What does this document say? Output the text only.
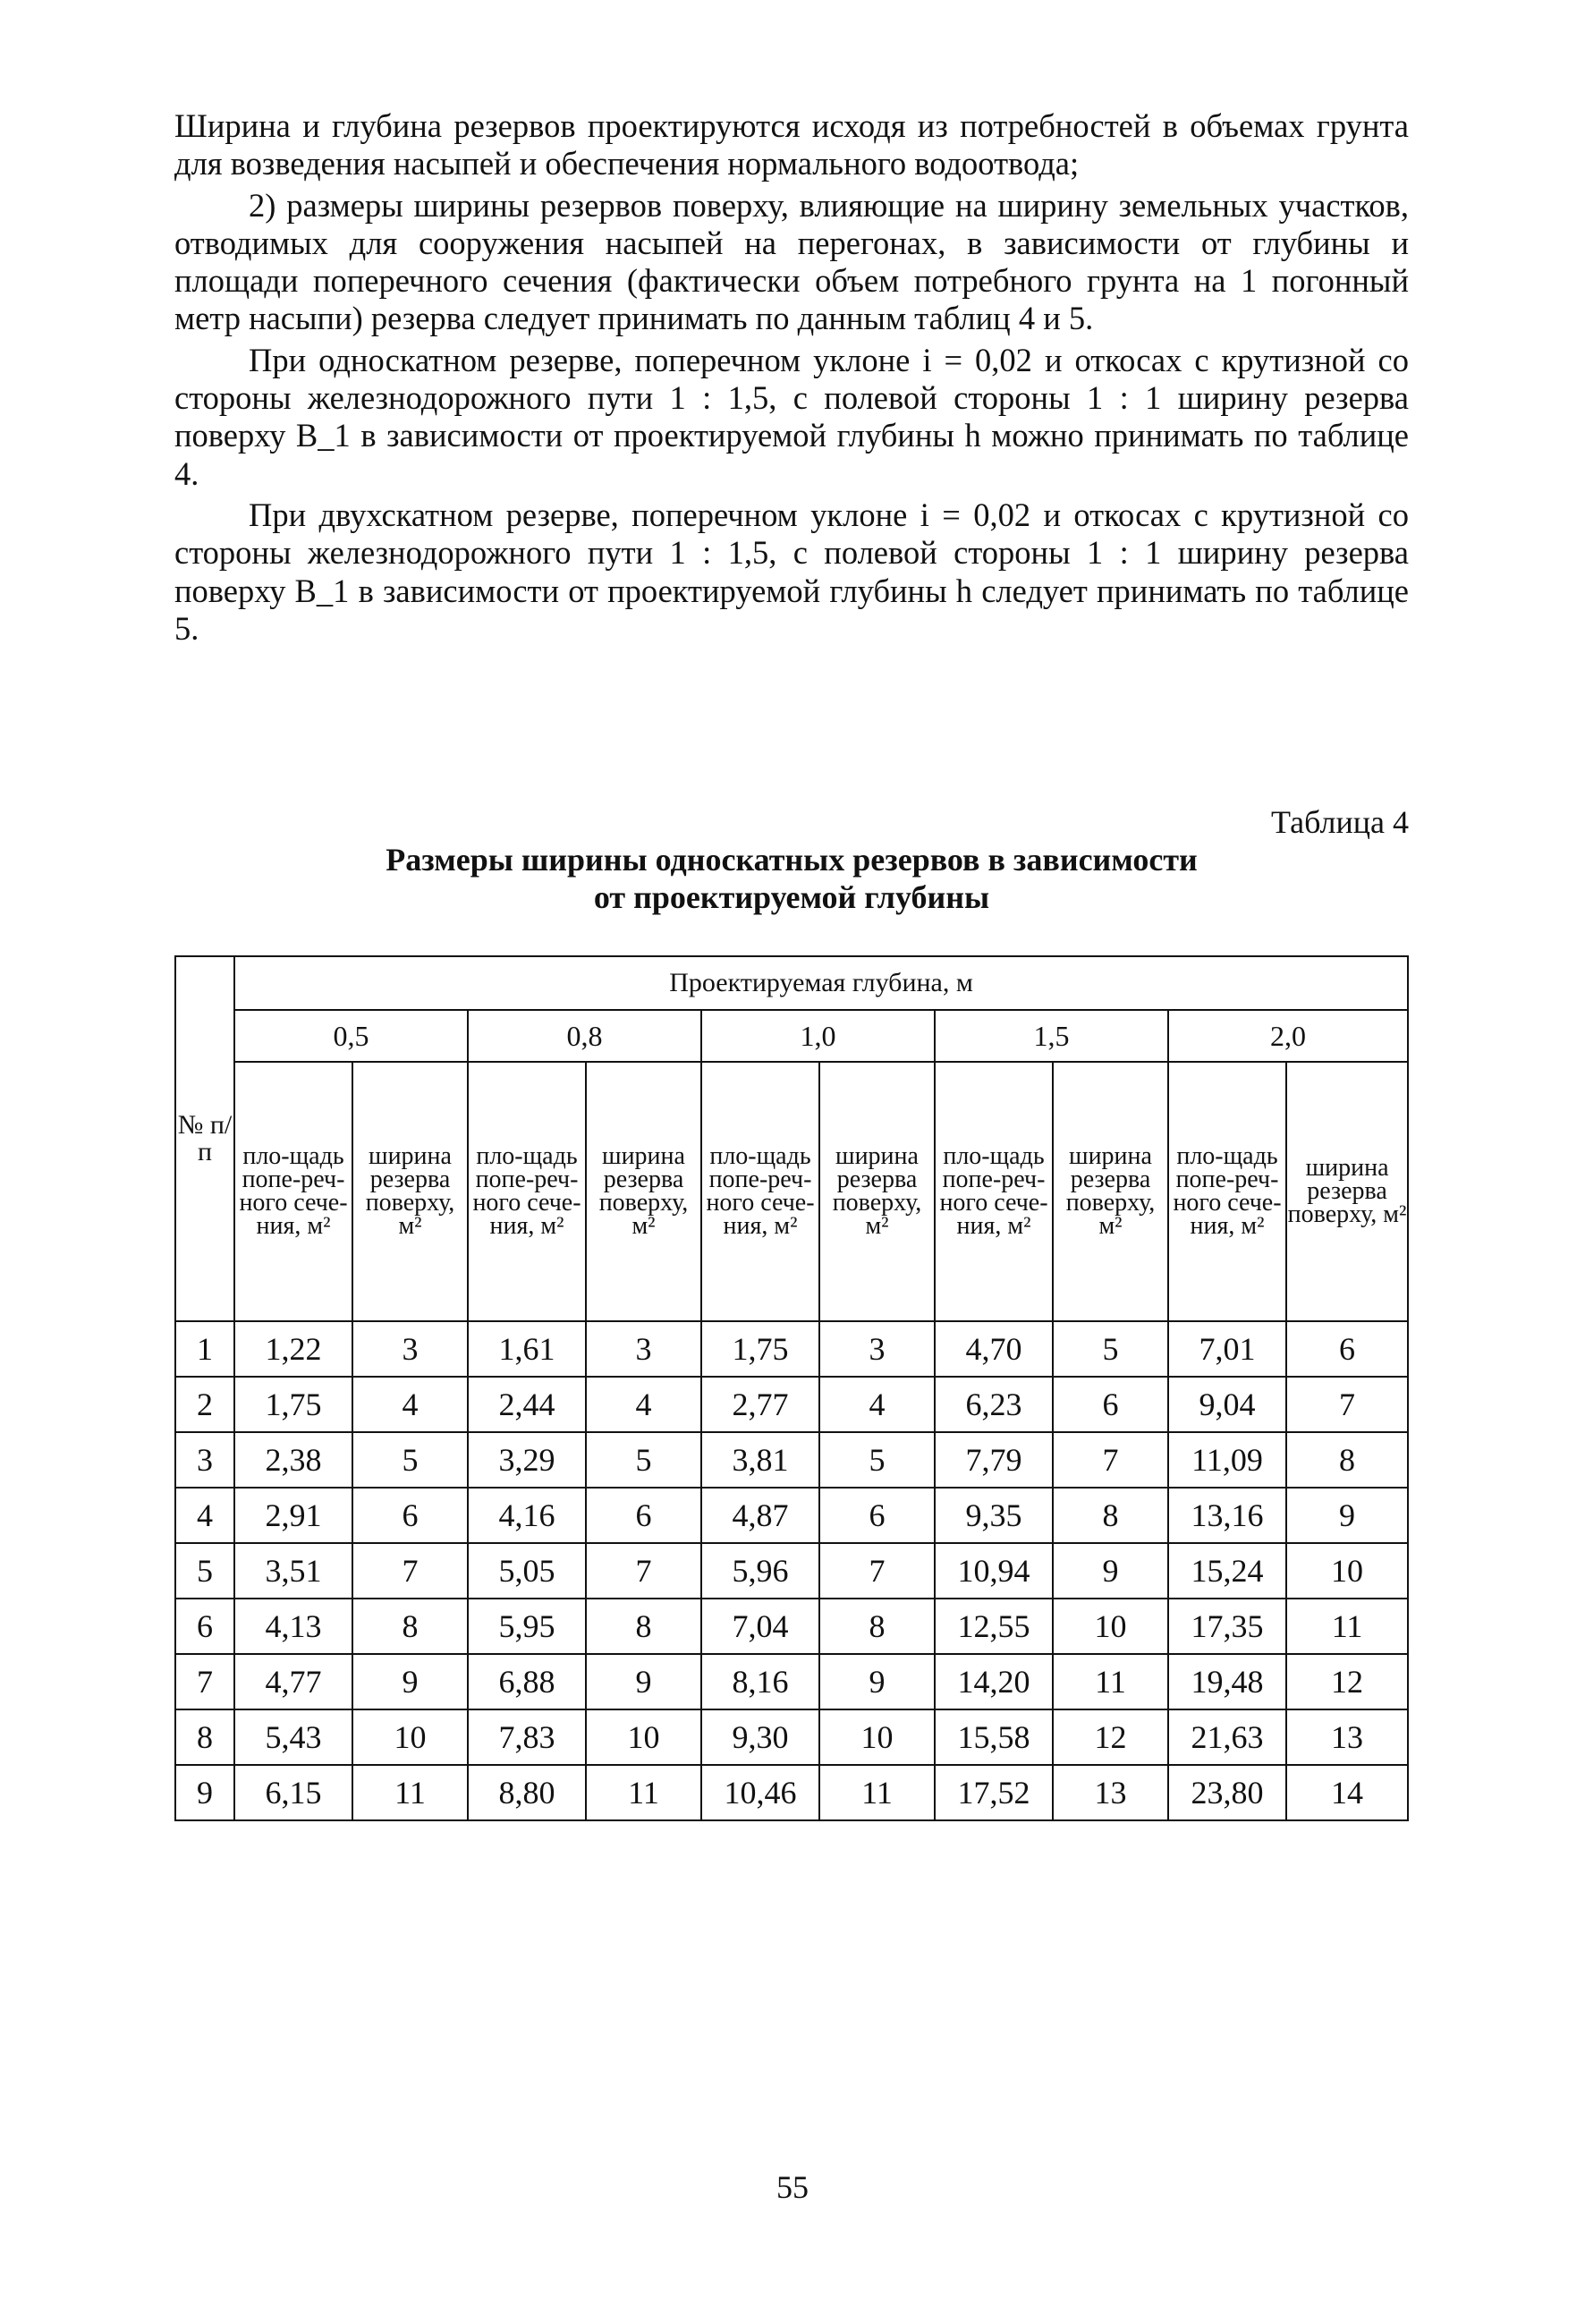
Ширина и глубина резервов проектируются исходя из потребностей в объемах грунта для возведения насыпей и обеспечения нормального водоотвода;

2) размеры ширины резервов поверху, влияющие на ширину земельных участков, отводимых для сооружения насыпей на перегонах, в зависимости от глубины и площади поперечного сечения (фактически объем потребного грунта на 1 погонный метр насыпи) резерва следует принимать по данным таблиц 4 и 5.

При односкатном резерве, поперечном уклоне i = 0,02 и откосах с крутизной со стороны железнодорожного пути 1 : 1,5, с полевой стороны 1 : 1 ширину резерва поверху B_1 в зависимости от проектируемой глубины h можно принимать по таблице 4.

При двухскатном резерве, поперечном уклоне i = 0,02 и откосах с крутизной со стороны железнодорожного пути 1 : 1,5, с полевой стороны 1 : 1 ширину резерва поверху B_1 в зависимости от проектируемой глубины h следует принимать по таблице 5.

Таблица 4
Размеры ширины односкатных резервов в зависимости
от проектируемой глубины
№ п/п	Проектируемая глубина, м									
	0,5		0,8		1,0		1,5		2,0	
	пло-щадь попе-реч-ного сече-ния, м²	ширина резерва поверху, м²	пло-щадь попе-реч-ного сече-ния, м²	ширина резерва поверху, м²	пло-щадь попе-реч-ного сече-ния, м²	ширина резерва поверху, м²	пло-щадь попе-реч-ного сече-ния, м²	ширина резерва поверху, м²	пло-щадь попе-реч-ного сече-ния, м²	ширина резерва поверху, м²
1	1,22	3	1,61	3	1,75	3	4,70	5	7,01	6
2	1,75	4	2,44	4	2,77	4	6,23	6	9,04	7
3	2,38	5	3,29	5	3,81	5	7,79	7	11,09	8
4	2,91	6	4,16	6	4,87	6	9,35	8	13,16	9
5	3,51	7	5,05	7	5,96	7	10,94	9	15,24	10
6	4,13	8	5,95	8	7,04	8	12,55	10	17,35	11
7	4,77	9	6,88	9	8,16	9	14,20	11	19,48	12
8	5,43	10	7,83	10	9,30	10	15,58	12	21,63	13
9	6,15	11	8,80	11	10,46	11	17,52	13	23,80	14
55
